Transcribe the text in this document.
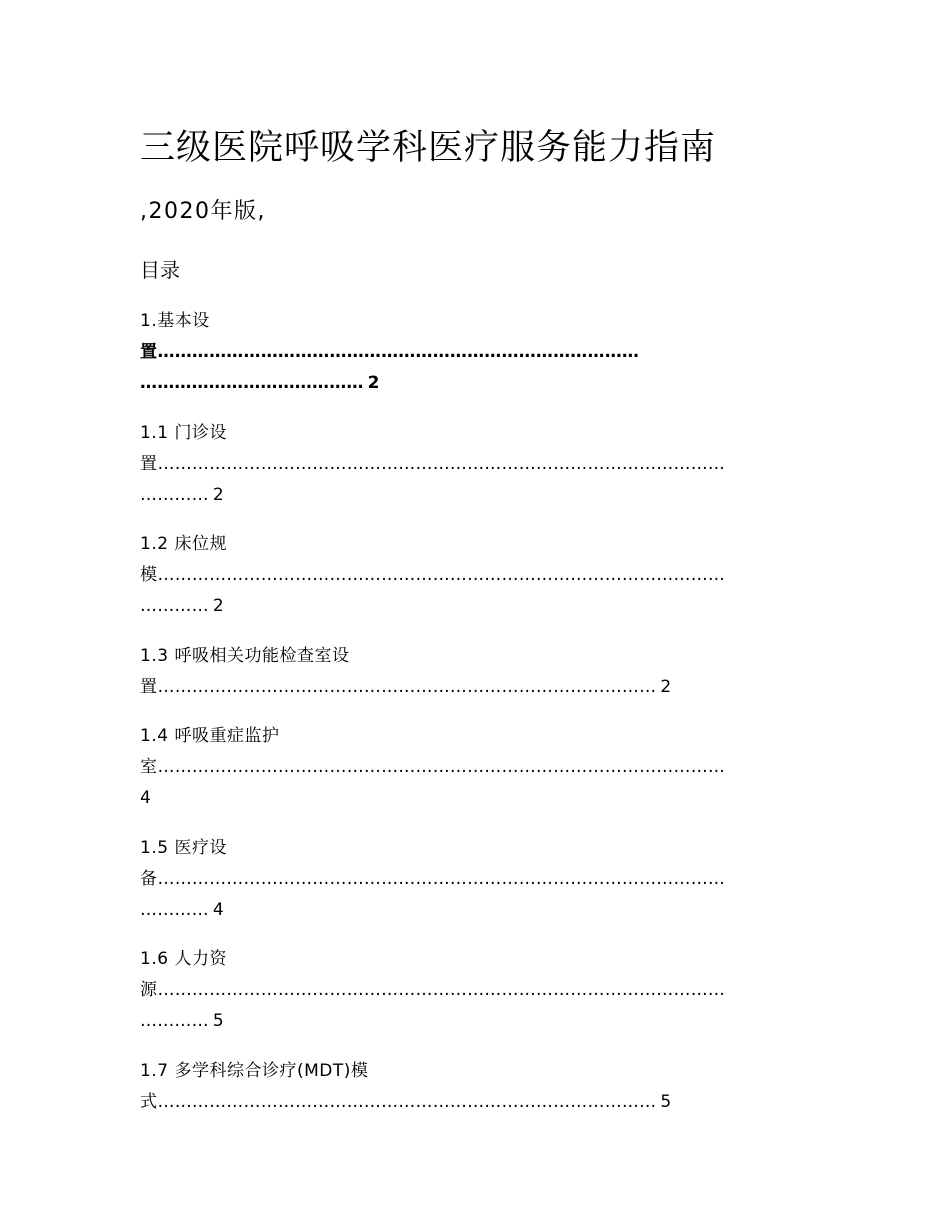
三级医院呼吸学科医疗服务能力指南
,2020年版,
目录
1.基本设
置…………………………………………………………………………
………………………………… 2
1.1 门诊设
置………………………………………………………………………………………
………… 2
1.2 床位规
模………………………………………………………………………………………
………… 2
1.3 呼吸相关功能检查室设
置…………………………………………………………………………… 2
1.4 呼吸重症监护
室………………………………………………………………………………………
4
1.5 医疗设
备………………………………………………………………………………………
………… 4
1.6 人力资
源………………………………………………………………………………………
………… 5
1.7 多学科综合诊疗(MDT)模
式…………………………………………………………………………… 5
